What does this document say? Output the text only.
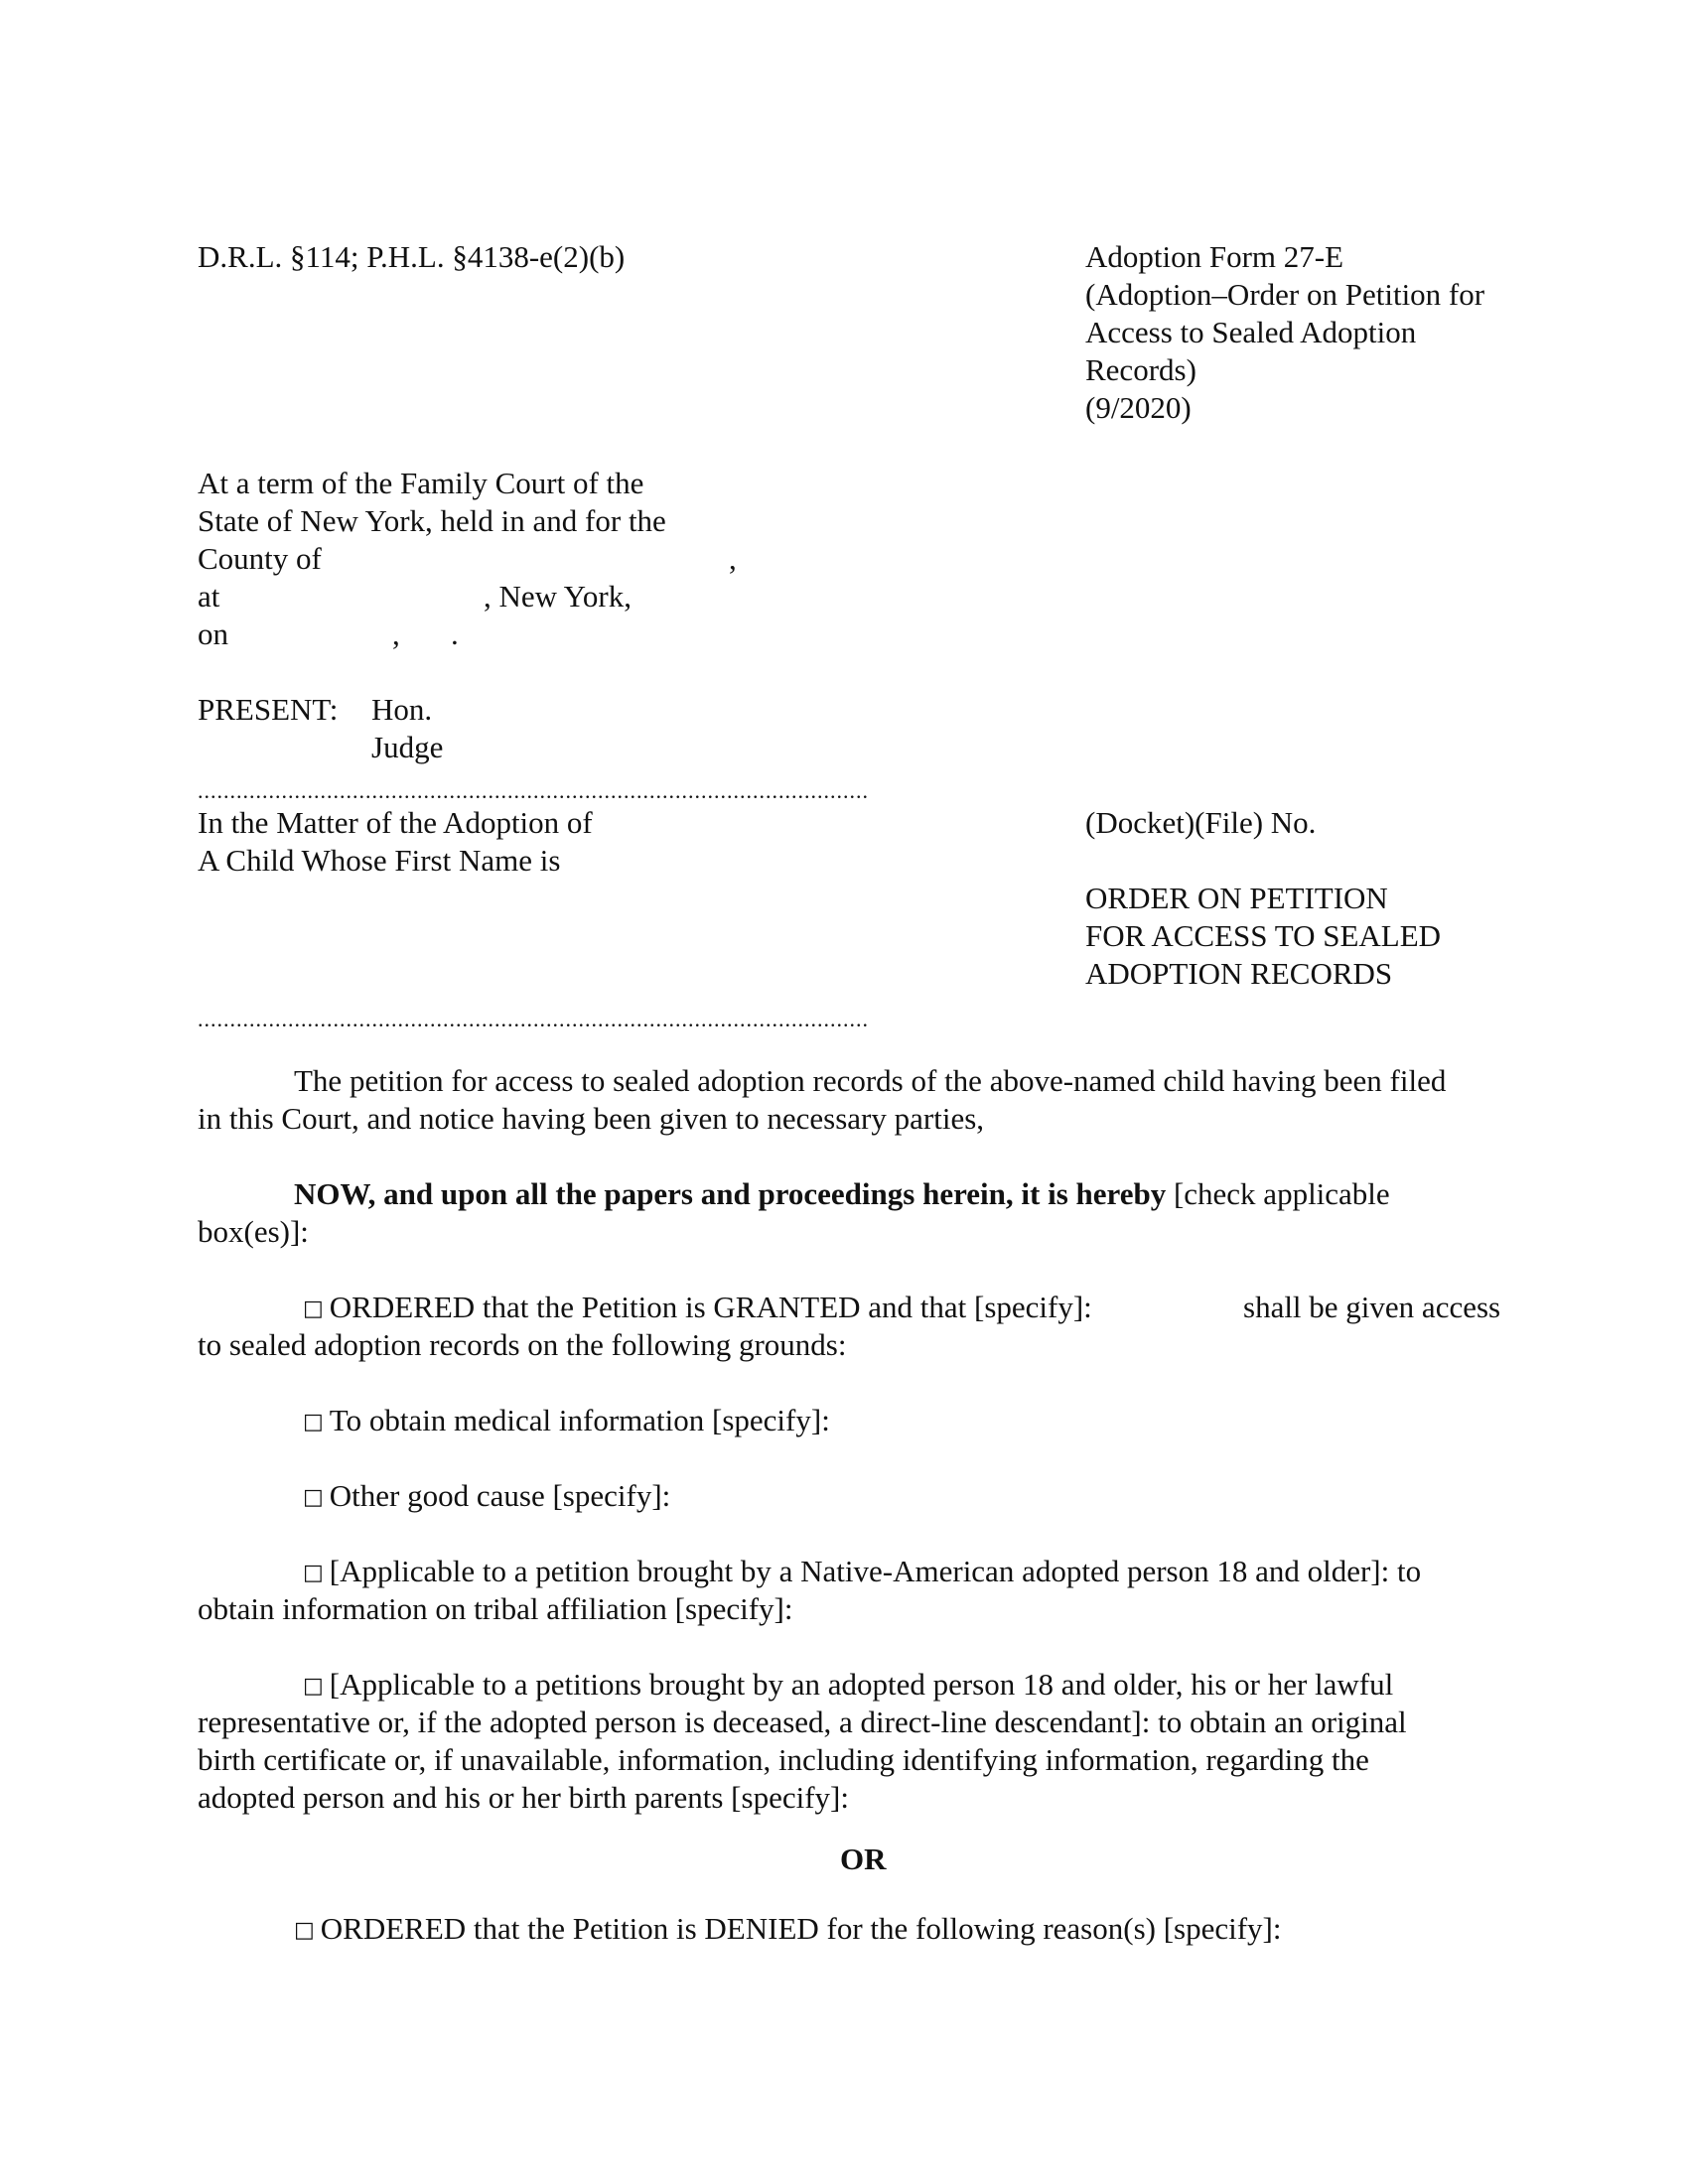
D.R.L. §114; P.H.L. §4138-e(2)(b)	Adoption Form 27-E
(Adoption–Order on Petition for
Access to Sealed Adoption
Records)
(9/2020)
At a term of the Family Court of the
State of New York, held in and for the
County of	,
at	, New York,
on	, .
PRESENT: Hon.
Judge
........................................................................................................
In the Matter of the Adoption of
A Child Whose First Name is
(Docket)(File) No.
ORDER ON PETITION
FOR ACCESS TO SEALED
ADOPTION RECORDS
........................................................................................................
The petition for access to sealed adoption records of the above-named child having been filed
in this Court, and notice having been given to necessary parties,
NOW, and upon all the papers and proceedings herein, it is hereby [check applicable
box(es)]:
□ ORDERED that the Petition is GRANTED and that [specify]:	shall be given access
to sealed adoption records on the following grounds:
□ To obtain medical information [specify]:
□ Other good cause [specify]:
□ [Applicable to a petition brought by a Native-American adopted person 18 and older]: to
obtain information on tribal affiliation [specify]:
□ [Applicable to a petitions brought by an adopted person 18 and older, his or her lawful
representative or, if the adopted person is deceased, a direct-line descendant]: to obtain an original
birth certificate or, if unavailable, information, including identifying information, regarding the
adopted person and his or her birth parents [specify]:
OR
□ ORDERED that the Petition is DENIED for the following reason(s) [specify]:
